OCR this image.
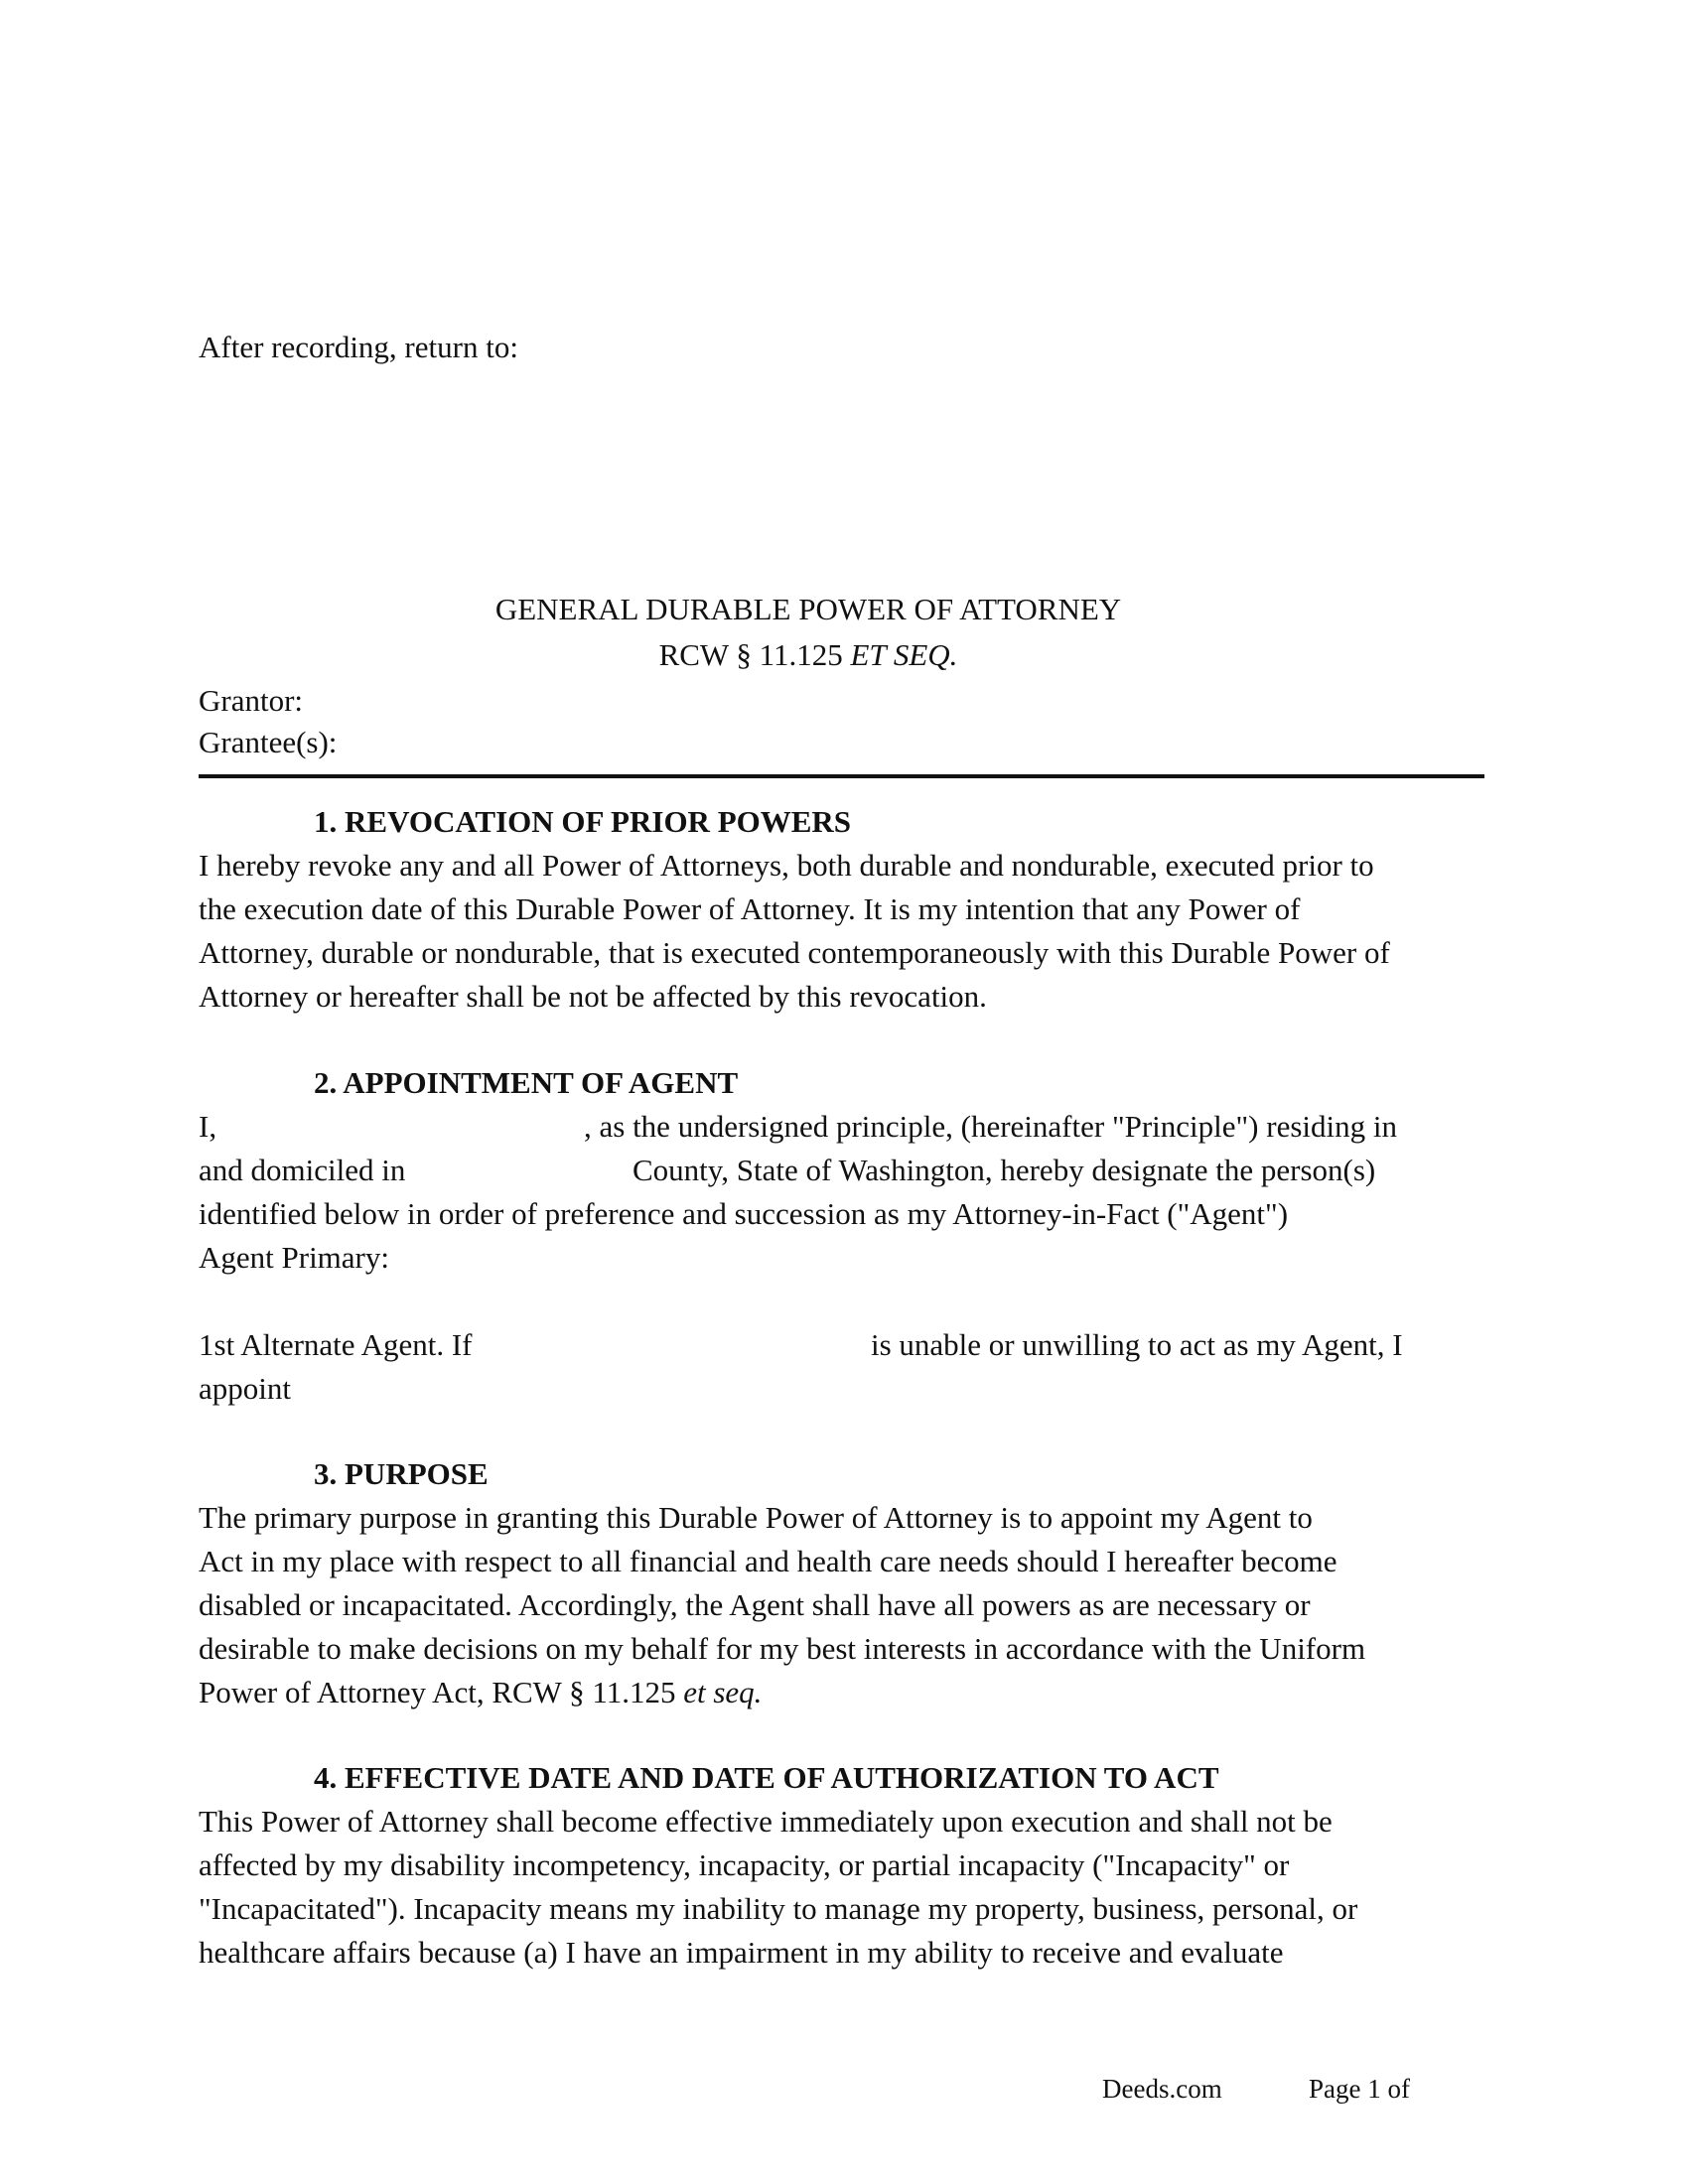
After recording, return to:
GENERAL DURABLE POWER OF ATTORNEY
RCW § 11.125 ET SEQ.
Grantor:
Grantee(s):
1. REVOCATION OF PRIOR POWERS
I hereby revoke any and all Power of Attorneys, both durable and nondurable, executed prior to
the execution date of this Durable Power of Attorney. It is my intention that any Power of
Attorney, durable or nondurable, that is executed contemporaneously with this Durable Power of
Attorney or hereafter shall be not be affected by this revocation.
2. APPOINTMENT OF AGENT
I,	, as the undersigned principle, (hereinafter "Principle") residing in
and domiciled in	County, State of Washington, hereby designate the person(s)
identified below in order of preference and succession as my Attorney-in-Fact ("Agent")
Agent Primary:
1st Alternate Agent. If	is unable or unwilling to act as my Agent, I
appoint
3. PURPOSE
The primary purpose in granting this Durable Power of Attorney is to appoint my Agent to
Act in my place with respect to all financial and health care needs should I hereafter become
disabled or incapacitated. Accordingly, the Agent shall have all powers as are necessary or
desirable to make decisions on my behalf for my best interests in accordance with the Uniform
Power of Attorney Act, RCW § 11.125 et seq.
4. EFFECTIVE DATE AND DATE OF AUTHORIZATION TO ACT
This Power of Attorney shall become effective immediately upon execution and shall not be
affected by my disability incompetency, incapacity, or partial incapacity ("Incapacity" or
"Incapacitated"). Incapacity means my inability to manage my property, business, personal, or
healthcare affairs because (a) I have an impairment in my ability to receive and evaluate
Deeds.com	Page 1 of
